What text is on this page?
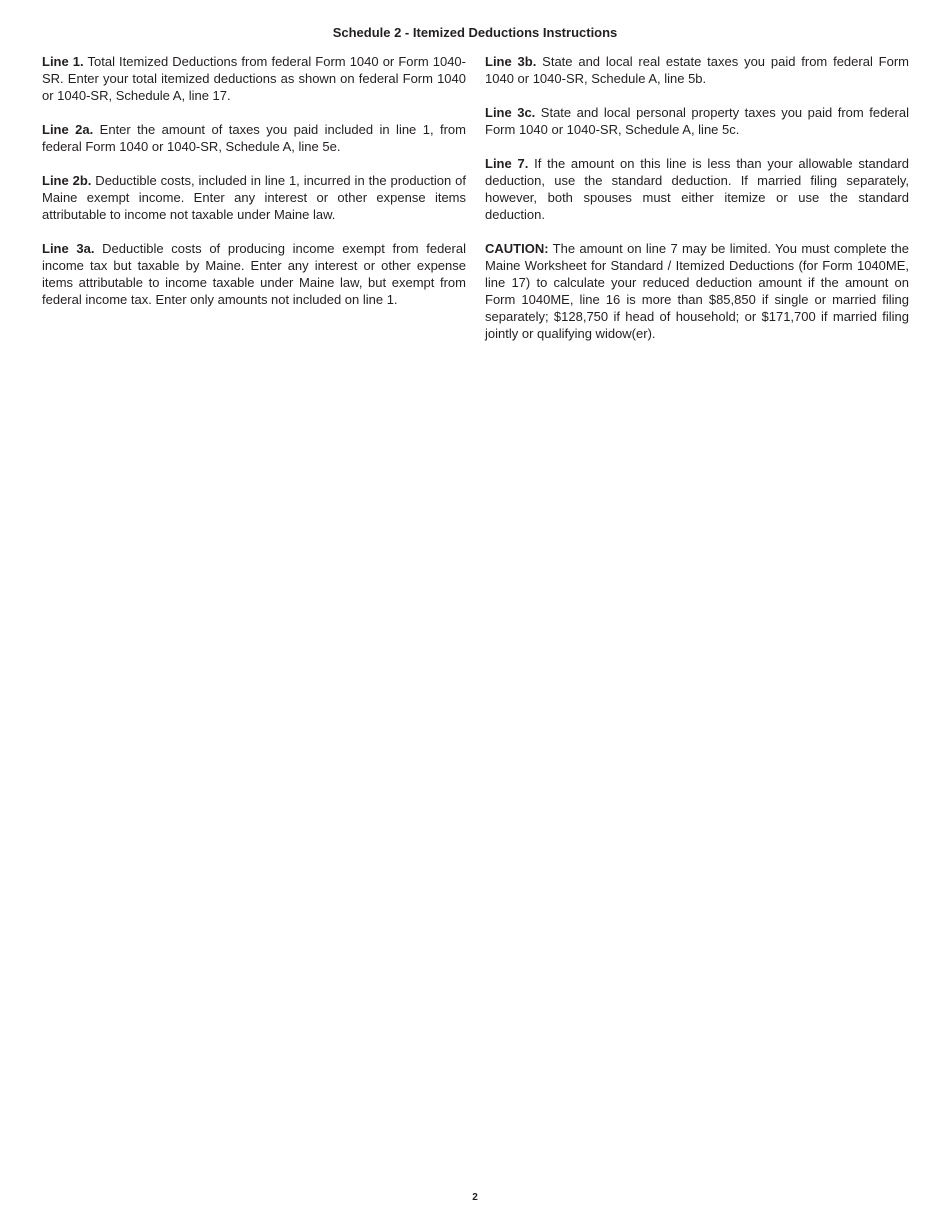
Schedule 2 - Itemized Deductions Instructions

Line 1. Total Itemized Deductions from federal Form 1040 or Form 1040-SR. Enter your total itemized deductions as shown on federal Form 1040 or 1040-SR, Schedule A, line 17.

Line 2a. Enter the amount of taxes you paid included in line 1, from federal Form 1040 or 1040-SR, Schedule A, line 5e.

Line 2b. Deductible costs, included in line 1, incurred in the production of Maine exempt income. Enter any interest or other expense items attributable to income not taxable under Maine law.

Line 3a. Deductible costs of producing income exempt from federal income tax but taxable by Maine. Enter any interest or other expense items attributable to income taxable under Maine law, but exempt from federal income tax. Enter only amounts not included on line 1.

Line 3b. State and local real estate taxes you paid from federal Form 1040 or 1040-SR, Schedule A, line 5b.

Line 3c. State and local personal property taxes you paid from federal Form 1040 or 1040-SR, Schedule A, line 5c.

Line 7. If the amount on this line is less than your allowable standard deduction, use the standard deduction. If married filing separately, however, both spouses must either itemize or use the standard deduction.

CAUTION: The amount on line 7 may be limited. You must complete the Maine Worksheet for Standard / Itemized Deductions (for Form 1040ME, line 17) to calculate your reduced deduction amount if the amount on Form 1040ME, line 16 is more than $85,850 if single or married filing separately; $128,750 if head of household; or $171,700 if married filing jointly or qualifying widow(er).

2
